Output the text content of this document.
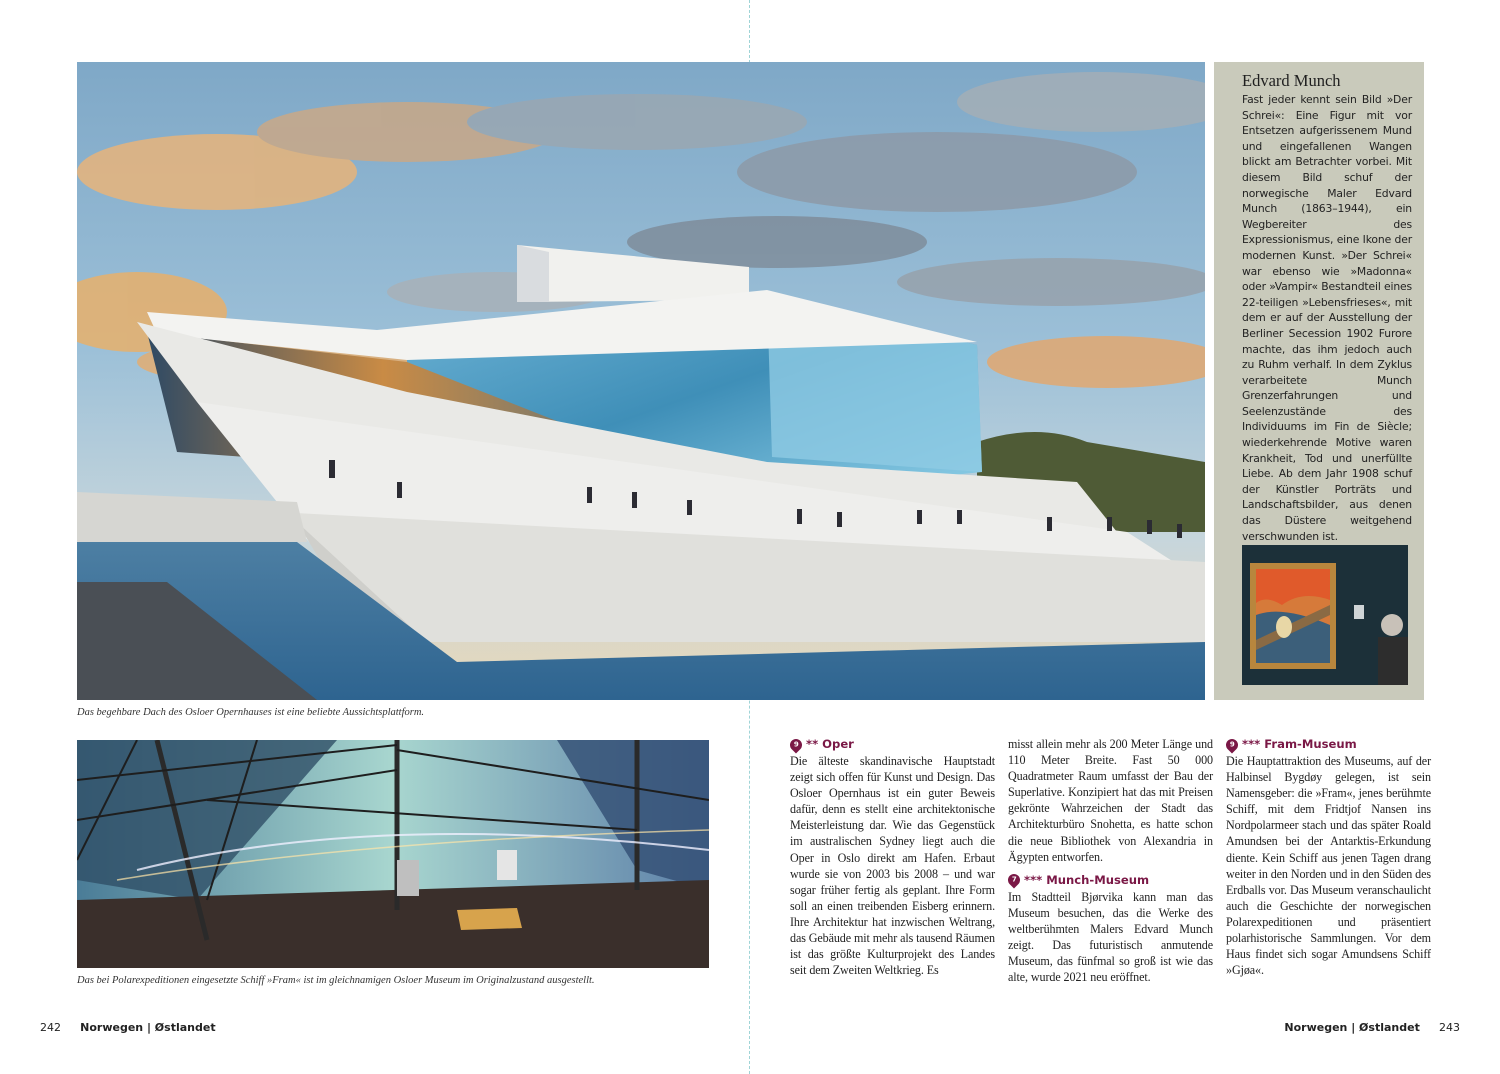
Das begehbare Dach des Osloer Opernhauses ist eine beliebte Aussichtsplattform.
Edvard Munch

Fast jeder kennt sein Bild »Der Schrei«: Eine Figur mit vor Entsetzen aufgerissenem Mund und eingefallenen Wangen blickt am Betrachter vorbei. Mit diesem Bild schuf der norwegische Maler Edvard Munch (1863–1944), ein Wegbereiter des Expressionismus, eine Ikone der modernen Kunst. »Der Schrei« war ebenso wie »Madonna« oder »Vampir« Bestandteil eines 22-teiligen »Lebensfrieses«, mit dem er auf der Ausstellung der Berliner Secession 1902 Furore machte, das ihm jedoch auch zu Ruhm verhalf. In dem Zyklus verarbeitete Munch Grenzerfahrungen und Seelenzustände des Individuums im Fin de Siècle; wiederkehrende Motive waren Krankheit, Tod und unerfüllte Liebe. Ab dem Jahr 1908 schuf der Künstler Porträts und Landschaftsbilder, aus denen das Düstere weitgehend verschwunden ist.

Das bei Polarexpeditionen eingesetzte Schiff »Fram« ist im gleichnamigen Osloer Museum im Originalzustand ausgestellt.
9 ** Oper

Die älteste skandinavische Hauptstadt zeigt sich offen für Kunst und Design. Das Osloer Opernhaus ist ein guter Beweis dafür, denn es stellt eine architektonische Meisterleistung dar. Wie das Gegenstück im australischen Sydney liegt auch die Oper in Oslo direkt am Hafen. Erbaut wurde sie von 2003 bis 2008 – und war sogar früher fertig als geplant. Ihre Form soll an einen treibenden Eisberg erinnern. Ihre Architektur hat inzwischen Weltrang, das Gebäude mit mehr als tausend Räumen ist das größte Kulturprojekt des Landes seit dem Zweiten Weltkrieg. Es

misst allein mehr als 200 Meter Länge und 110 Meter Breite. Fast 50 000 Quadratmeter Raum umfasst der Bau der Superlative. Konzipiert hat das mit Preisen gekrönte Wahrzeichen der Stadt das Architekturbüro Snohetta, es hatte schon die neue Bibliothek von Alexandria in Ägypten entworfen.

7 *** Munch-Museum

Im Stadtteil Bjørvika kann man das Museum besuchen, das die Werke des weltberühmten Malers Edvard Munch zeigt. Das futuristisch anmutende Museum, das fünfmal so groß ist wie das alte, wurde 2021 neu eröffnet.

9 *** Fram-Museum

Die Hauptattraktion des Museums, auf der Halbinsel Bygdøy gelegen, ist sein Namensgeber: die »Fram«, jenes berühmte Schiff, mit dem Fridtjof Nansen ins Nordpolarmeer stach und das später Roald Amundsen bei der Antarktis-Erkundung diente. Kein Schiff aus jenen Tagen drang weiter in den Norden und in den Süden des Erdballs vor. Das Museum veranschaulicht auch die Geschichte der norwegischen Polarexpeditionen und präsentiert polarhistorische Sammlungen. Vor dem Haus findet sich sogar Amundsens Schiff »Gjøa«.

242 Norwegen | Østlandet	Norwegen | Østlandet 243
